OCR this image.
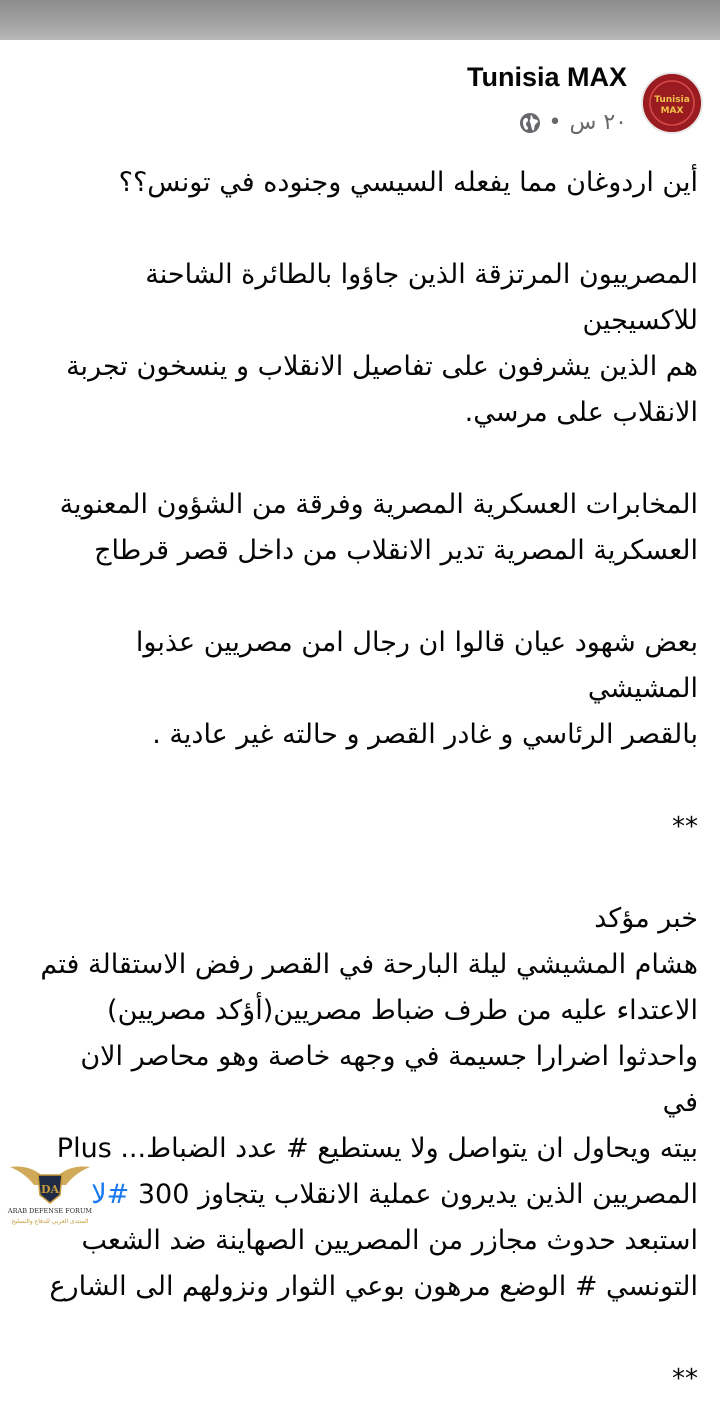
Tunisia
MAX
Tunisia MAX
٢٠ س
•

أين اردوغان مما يفعله السيسي وجنوده في تونس؟؟

المصرييون المرتزقة الذين جاؤوا بالطائرة الشاحنة للاكسيجين

هم الذين يشرفون على تفاصيل الانقلاب و ينسخون تجربة

الانقلاب على مرسي.

المخابرات العسكرية المصرية وفرقة من الشؤون المعنوية

العسكرية المصرية تدير الانقلاب من داخل قصر قرطاج

بعض شهود عيان قالوا ان رجال امن مصريين عذبوا المشيشي

بالقصر الرئاسي و غادر القصر و حالته غير عادية .

**

خبر مؤكد

هشام المشيشي ليلة البارحة في القصر رفض الاستقالة فتم

الاعتداء عليه من طرف ضباط مصريين(أؤكد مصريين)

واحدثوا اضرارا جسيمة في وجهه خاصة وهو محاصر الان في

بيته ويحاول ان يتواصل ولا يستطيع # عدد الضباط... Plus

المصريين الذين يديرون عملية الانقلاب يتجاوز 300 #لا

استبعد حدوث مجازر من المصريين الصهاينة ضد الشعب

التونسي # الوضع مرهون بوعي الثوار ونزولهم الى الشارع

**

DA
ARAB DEFENSE FORUM
المنتدى العربي للدفاع والتسليح
